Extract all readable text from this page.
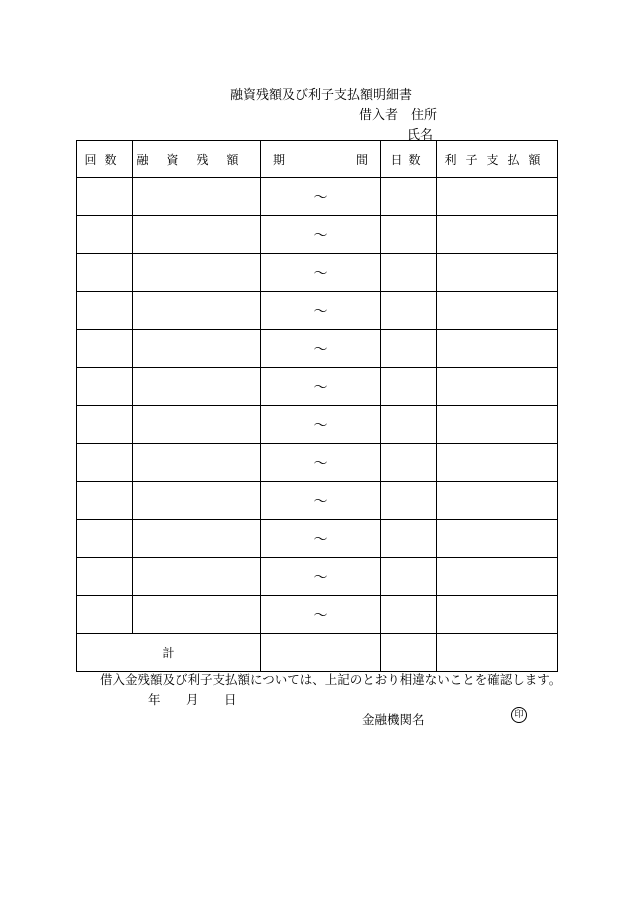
融資残額及び利子支払額明細書
借入者　住所
氏名
回数	融資残額	期 間	日数	利子支払額
		～		
		～		
		～		
		～		
		～		
		～		
		～		
		～		
		～		
		～		
		～		
		～		
計				
借入金残額及び利子支払額については、上記のとおり相違ないことを確認します。
年 月 日
金融機関名	印
